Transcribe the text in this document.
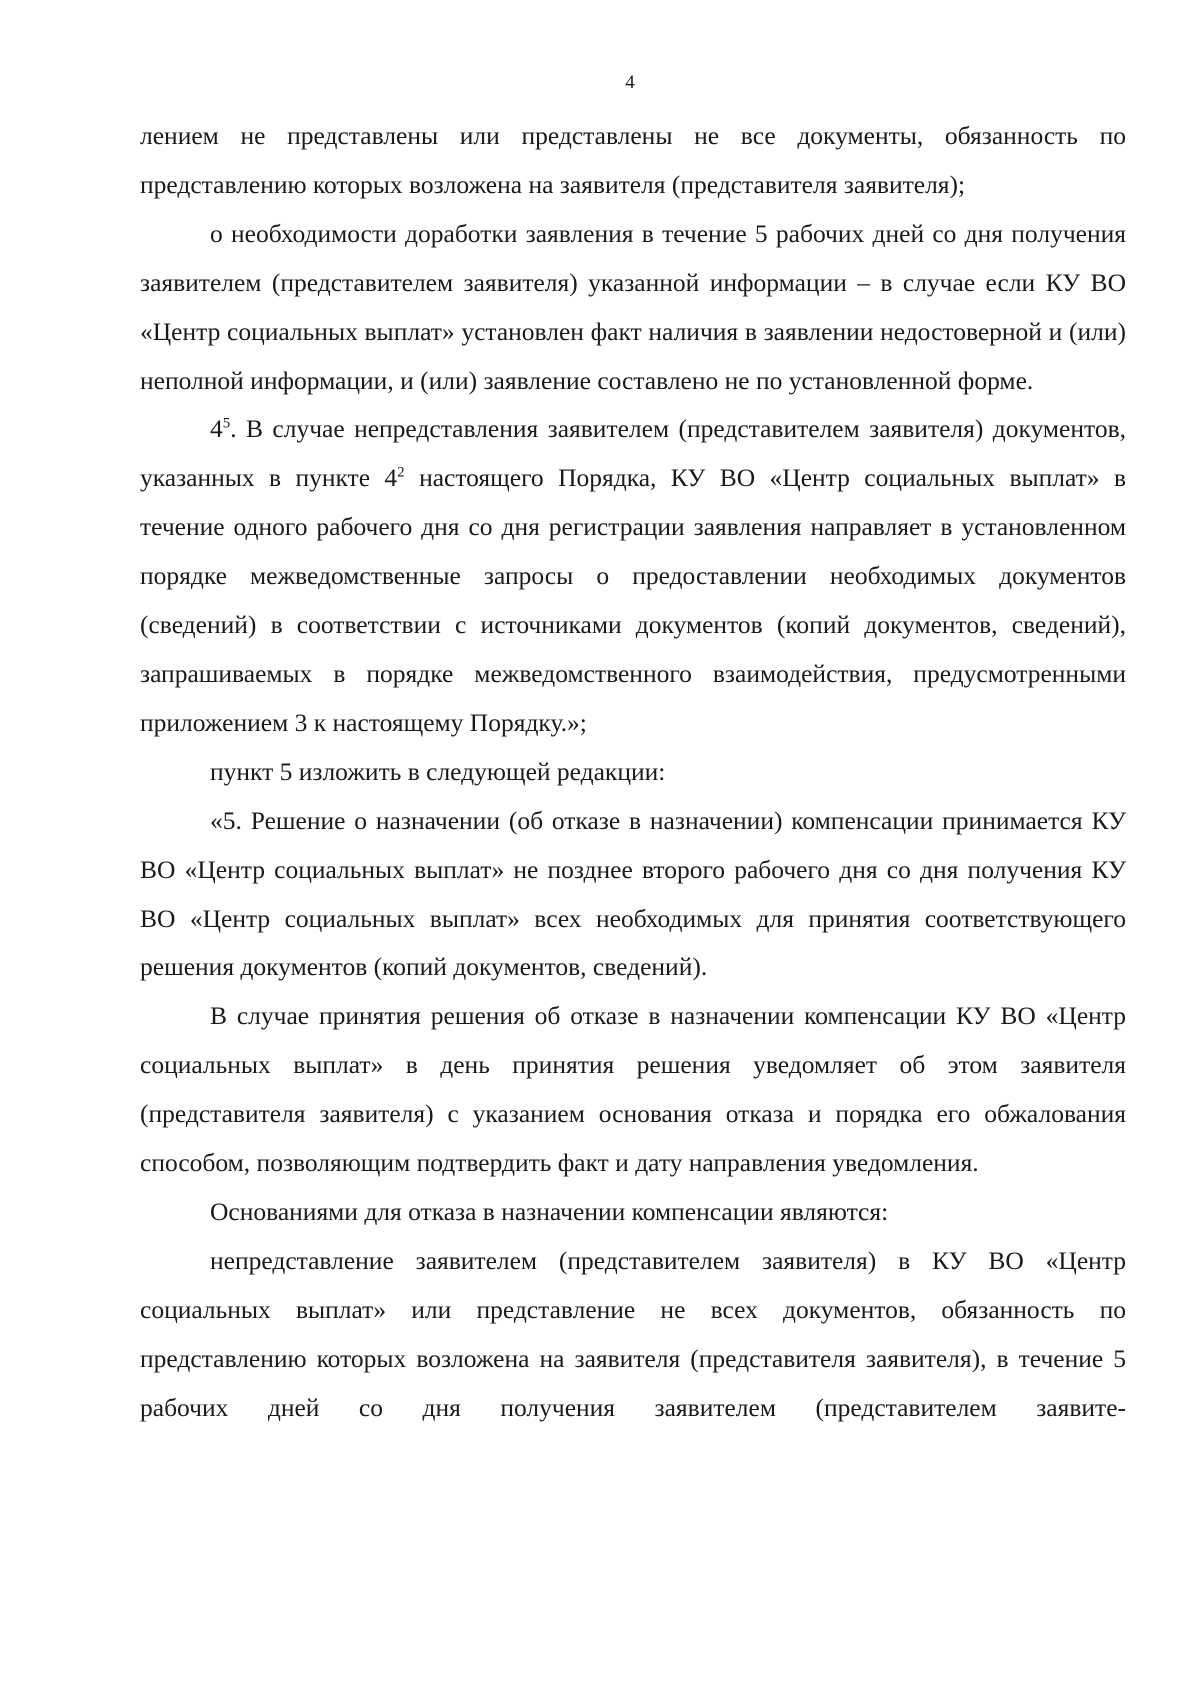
4

лением не представлены или представлены не все документы, обязанность по представлению которых возложена на заявителя (представителя заявителя);

о необходимости доработки заявления в течение 5 рабочих дней со дня получения заявителем (представителем заявителя) указанной информации – в случае если КУ ВО «Центр социальных выплат» установлен факт наличия в заявлении недостоверной и (или) неполной информации, и (или) заявление составлено не по установленной форме.

$4^5$. В случае непредставления заявителем (представителем заявителя) документов, указанных в пункте $4^2$ настоящего Порядка, КУ ВО «Центр социальных выплат» в течение одного рабочего дня со дня регистрации заявления направляет в установленном порядке межведомственные запросы о предоставлении необходимых документов (сведений) в соответствии с источниками документов (копий документов, сведений), запрашиваемых в порядке межведомственного взаимодействия, предусмотренными приложением 3 к настоящему Порядку.»;

пункт 5 изложить в следующей редакции:

«5. Решение о назначении (об отказе в назначении) компенсации принимается КУ ВО «Центр социальных выплат» не позднее второго рабочего дня со дня получения КУ ВО «Центр социальных выплат» всех необходимых для принятия соответствующего решения документов (копий документов, сведений).

В случае принятия решения об отказе в назначении компенсации КУ ВО «Центр социальных выплат» в день принятия решения уведомляет об этом заявителя (представителя заявителя) с указанием основания отказа и порядка его обжалования способом, позволяющим подтвердить факт и дату направления уведомления.

Основаниями для отказа в назначении компенсации являются:

непредставление заявителем (представителем заявителя) в КУ ВО «Центр социальных выплат» или представление не всех документов, обязанность по представлению которых возложена на заявителя (представителя заявителя), в течение 5 рабочих дней со дня получения заявителем (представителем заявите-
